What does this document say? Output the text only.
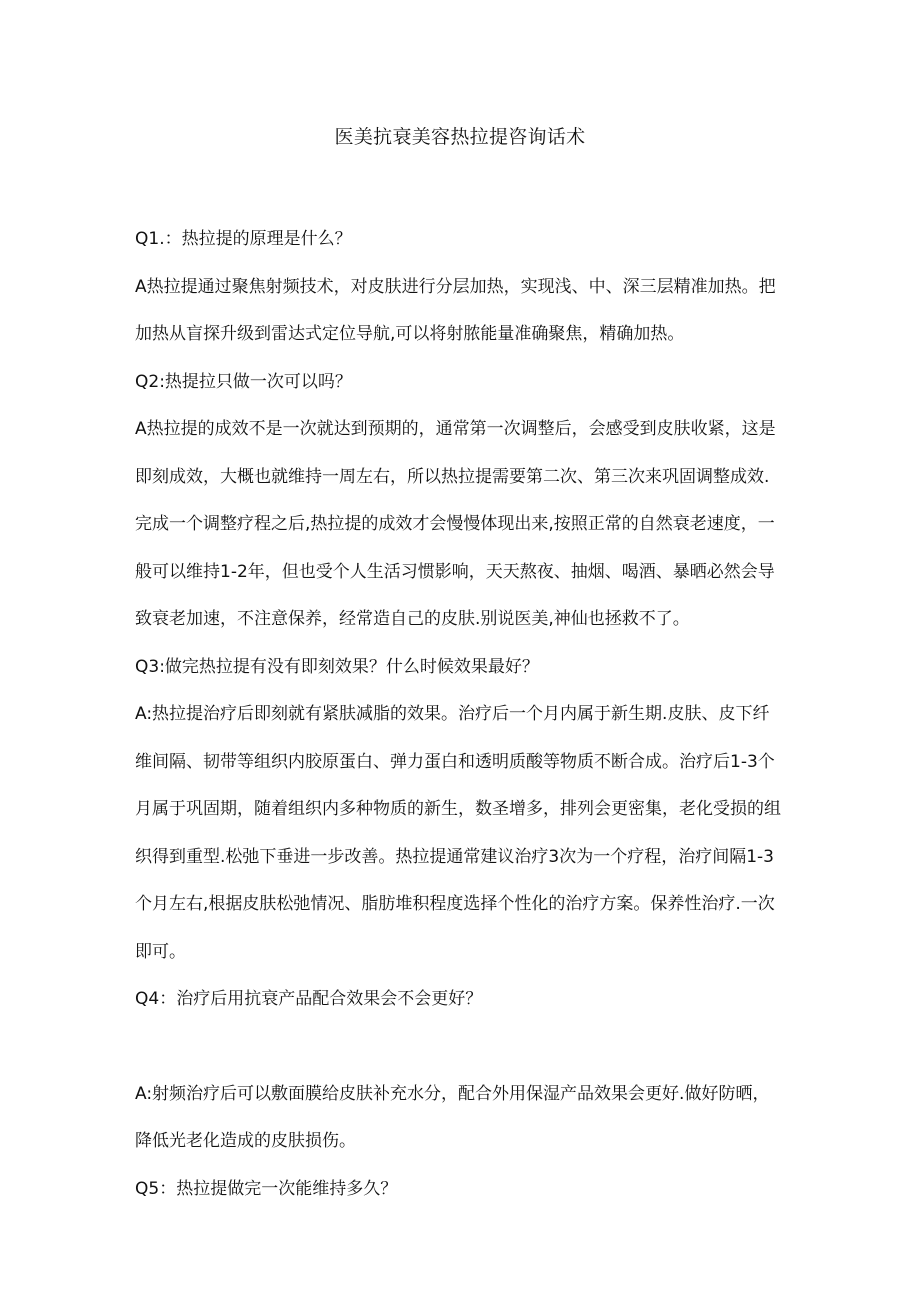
医美抗衰美容热拉提咨询话术

Q1.：热拉提的原理是什么？

A热拉提通过聚焦射频技术，对皮肤进行分层加热，实现浅、中、深三层精准加热。把加热从盲探升级到雷达式定位导航,可以将射脓能量准确聚焦，精确加热。

Q2:热提拉只做一次可以吗？

A热拉提的成效不是一次就达到预期的，通常第一次调整后，会感受到皮肤收紧，这是即刻成效，大概也就维持一周左右，所以热拉提需要第二次、第三次来巩固调整成效.完成一个调整疗程之后,热拉提的成效才会慢慢体现出来,按照正常的自然衰老速度，一般可以维持1-2年，但也受个人生活习惯影响，天天熬夜、抽烟、喝酒、暴晒必然会导致衰老加速，不注意保养，经常造自己的皮肤.别说医美,神仙也拯救不了。

Q3:做完热拉提有没有即刻效果？什么时候效果最好？

A:热拉提治疗后即刻就有紧肤减脂的效果。治疗后一个月内属于新生期.皮肤、皮下纤维间隔、韧带等组织内胶原蛋白、弹力蛋白和透明质酸等物质不断合成。治疗后1-3个月属于巩固期，随着组织内多种物质的新生，数圣增多，排列会更密集，老化受损的组织得到重型.松弛下垂进一步改善。热拉提通常建议治疗3次为一个疗程，治疗间隔1-3个月左右,根据皮肤松弛情况、脂肪堆积程度选择个性化的治疗方案。保养性治疗.一次即可。

Q4：治疗后用抗衰产品配合效果会不会更好？

A:射频治疗后可以敷面膜给皮肤补充水分，配合外用保湿产品效果会更好.做好防晒，降低光老化造成的皮肤损伤。

Q5：热拉提做完一次能维持多久？
